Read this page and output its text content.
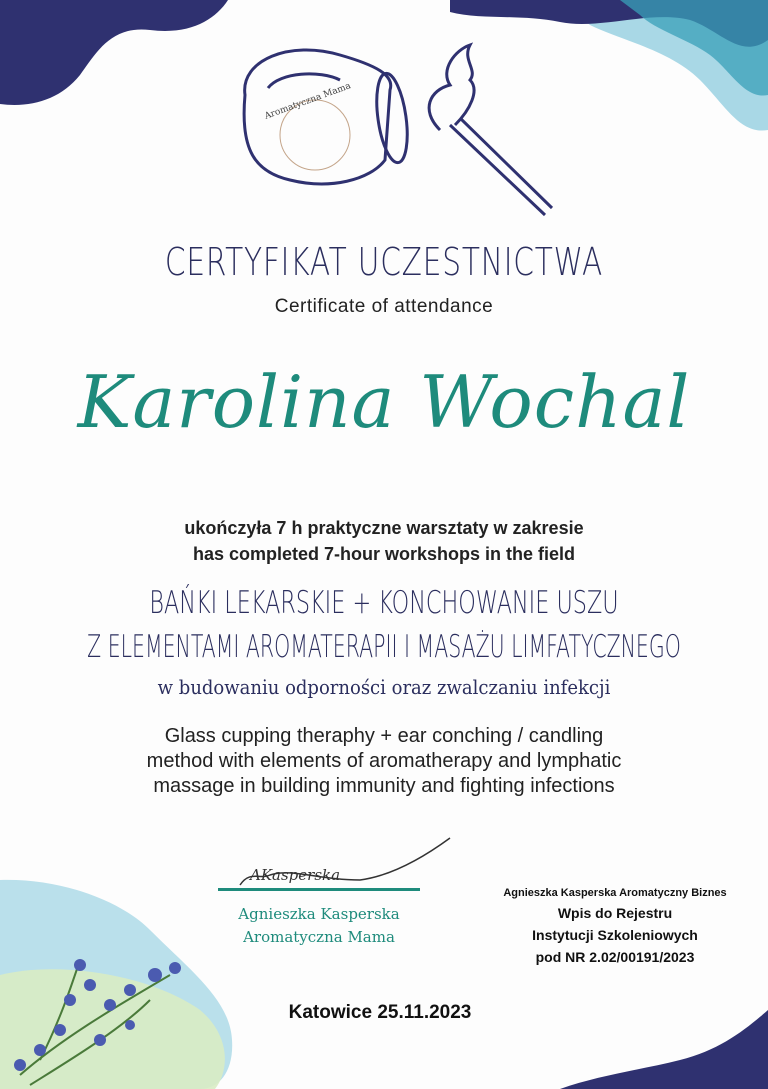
Aromatyczna Mama
CERTYFIKAT UCZESTNICTWA
Certificate of attendance
Karolina Wochal
ukończyła 7 h praktyczne warsztaty w zakresie
has completed 7-hour workshops in the field
BAŃKI LEKARSKIE + KONCHOWANIE USZU
Z ELEMENTAMI AROMATERAPII I MASAŻU LIMFATYCZNEGO
w budowaniu odporności oraz zwalczaniu infekcji
Glass cupping theraphy + ear conching / candling
method with elements of aromatherapy and lymphatic
massage in building immunity and fighting infections
AKasperska
Agnieszka Kasperska
Aromatyczna Mama
Agnieszka Kasperska Aromatyczny Biznes
Wpis do Rejestru
Instytucji Szkoleniowych
pod NR 2.02/00191/2023
Katowice 25.11.2023
